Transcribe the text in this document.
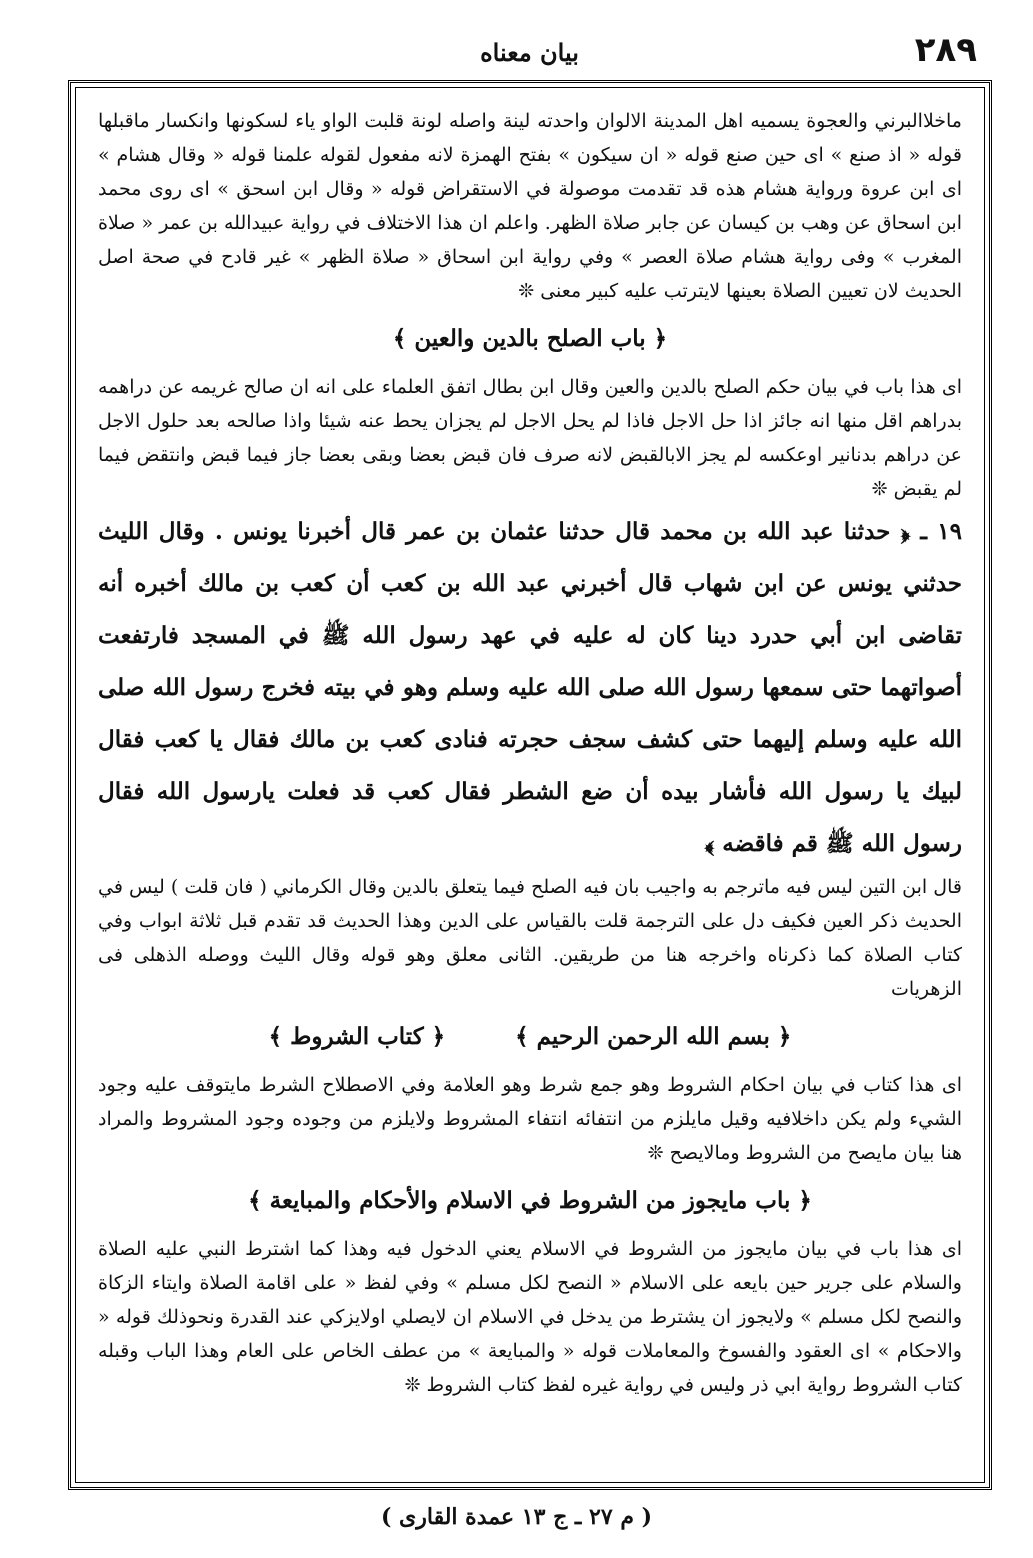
٢٨٩
بيان معناه

ماخلاالبرني والعجوة يسميه اهل المدينة الالوان واحدته لينة واصله لونة قلبت الواو ياء لسكونها وانكسار ماقبلها قوله « اذ صنع » اى حين صنع قوله « ان سيكون » بفتح الهمزة لانه مفعول لقوله علمنا قوله « وقال هشام » اى ابن عروة ورواية هشام هذه قد تقدمت موصولة في الاستقراض قوله « وقال ابن اسحق » اى روى محمد ابن اسحاق عن وهب بن كيسان عن جابر صلاة الظهر. واعلم ان هذا الاختلاف في رواية عبيدالله بن عمر « صلاة المغرب » وفى رواية هشام صلاة العصر » وفي رواية ابن اسحاق « صلاة الظهر » غير قادح في صحة اصل الحديث لان تعيين الصلاة بعينها لايترتب عليه كبير معنى ❊

﴿ باب الصلح بالدين والعين ﴾

اى هذا باب في بيان حكم الصلح بالدين والعين وقال ابن بطال اتفق العلماء على انه ان صالح غريمه عن دراهمه بدراهم اقل منها انه جائز اذا حل الاجل فاذا لم يحل الاجل لم يجزان يحط عنه شيئا واذا صالحه بعد حلول الاجل عن دراهم بدنانير اوعكسه لم يجز الابالقبض لانه صرف فان قبض بعضا وبقى بعضا جاز فيما قبض وانتقض فيما لم يقبض ❊

١٩ ـ ﴿ حدثنا عبد الله بن محمد قال حدثنا عثمان بن عمر قال أخبرنا يونس . وقال الليث حدثني يونس عن ابن شهاب قال أخبرني عبد الله بن كعب أن كعب بن مالك أخبره أنه تقاضى ابن أبي حدرد دينا كان له عليه في عهد رسول الله ﷺ في المسجد فارتفعت أصواتهما حتى سمعها رسول الله صلى الله عليه وسلم وهو في بيته فخرج رسول الله صلى الله عليه وسلم إليهما حتى كشف سجف حجرته فنادى كعب بن مالك فقال يا كعب فقال لبيك يا رسول الله فأشار بيده أن ضع الشطر فقال كعب قد فعلت يارسول الله فقال رسول الله ﷺ قم فاقضه ﴾

قال ابن التين ليس فيه ماترجم به واجيب بان فيه الصلح فيما يتعلق بالدين وقال الكرماني ( فان قلت ) ليس في الحديث ذكر العين فكيف دل على الترجمة قلت بالقياس على الدين وهذا الحديث قد تقدم قبل ثلاثة ابواب وفي كتاب الصلاة كما ذكرناه واخرجه هنا من طريقين. الثانى معلق وهو قوله وقال الليث ووصله الذهلى فى الزهريات

﴿ بسم الله الرحمن الرحيم ﴾
﴿ كتاب الشروط ﴾

اى هذا كتاب في بيان احكام الشروط وهو جمع شرط وهو العلامة وفي الاصطلاح الشرط مايتوقف عليه وجود الشيء ولم يكن داخلافيه وقيل مايلزم من انتفائه انتفاء المشروط ولايلزم من وجوده وجود المشروط والمراد هنا بيان مايصح من الشروط ومالايصح ❊

﴿ باب مايجوز من الشروط في الاسلام والأحكام والمبايعة ﴾

اى هذا باب في بيان مايجوز من الشروط في الاسلام يعني الدخول فيه وهذا كما اشترط النبي عليه الصلاة والسلام على جرير حين بايعه على الاسلام « النصح لكل مسلم » وفي لفظ « على اقامة الصلاة وايتاء الزكاة والنصح لكل مسلم » ولايجوز ان يشترط من يدخل في الاسلام ان لايصلي اولايزكي عند القدرة ونحوذلك قوله « والاحكام » اى العقود والفسوخ والمعاملات قوله « والمبايعة » من عطف الخاص على العام وهذا الباب وقبله كتاب الشروط رواية ابي ذر وليس في رواية غيره لفظ كتاب الشروط ❊

( م ٢٧ ـ ج ١٣ عمدة القارى )
